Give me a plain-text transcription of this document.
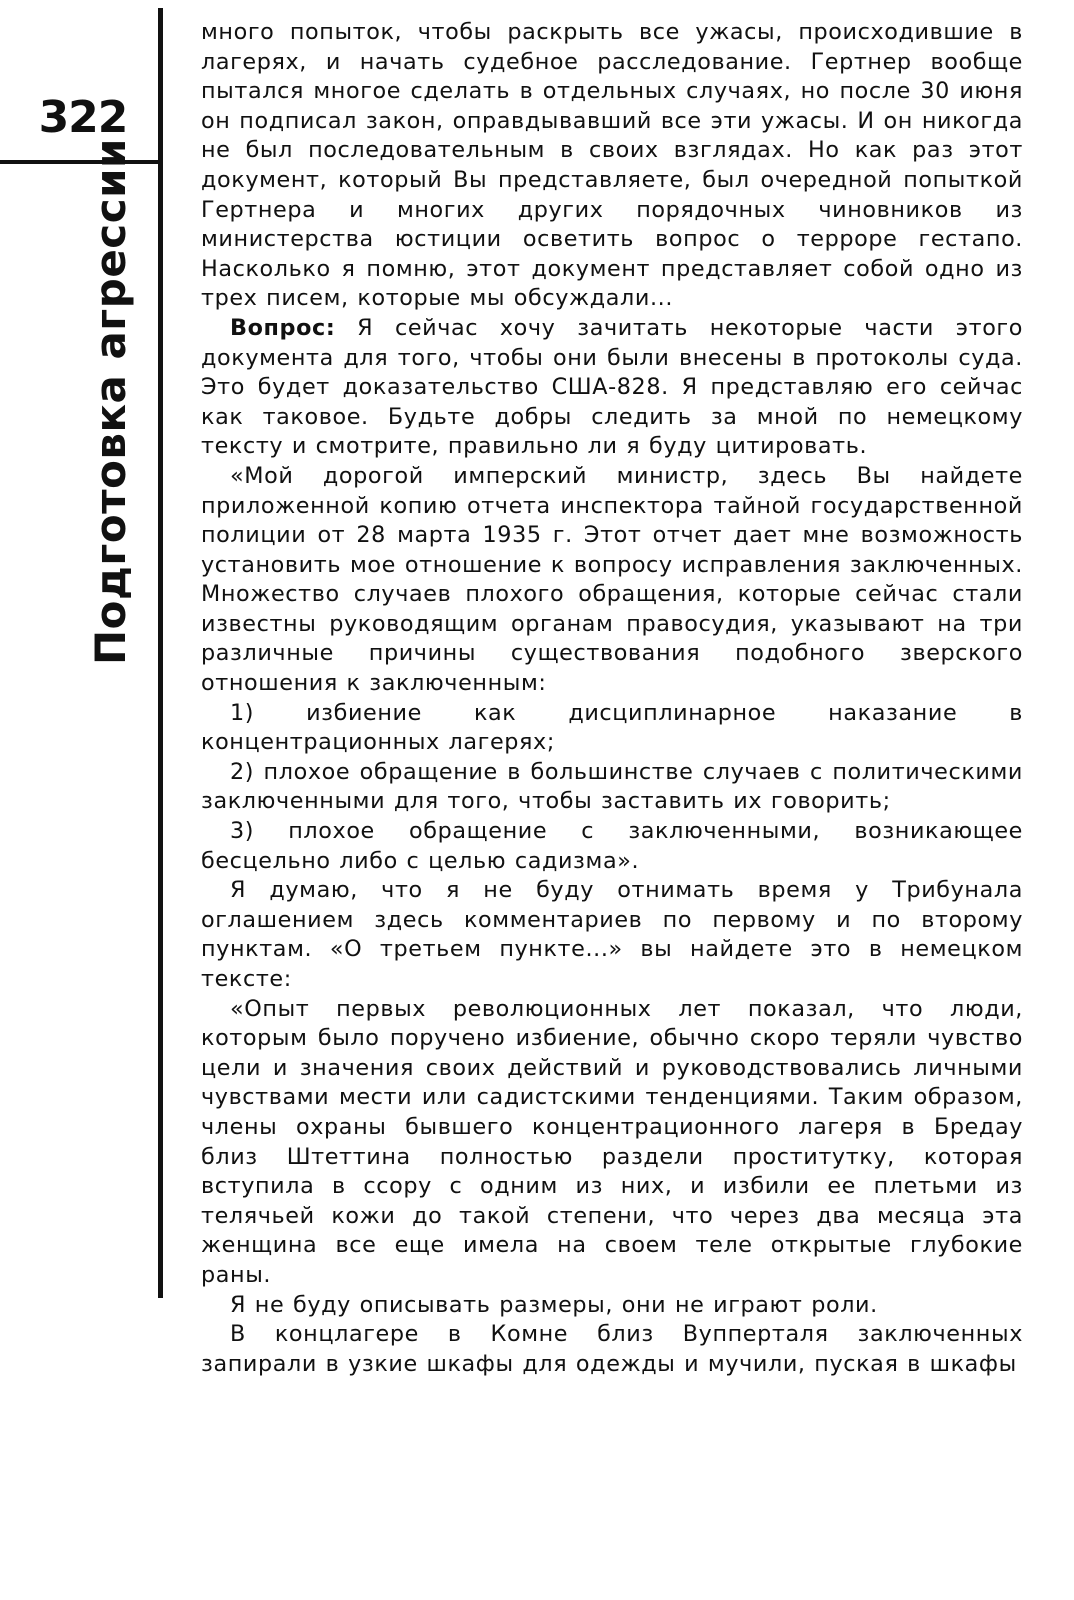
322
Подготовка агрессии

много попыток, чтобы раскрыть все ужасы, происходившие в лагерях, и начать судебное расследование. Гертнер вообще пытался многое сделать в отдельных случаях, но после 30 июня он подписал закон, оправдывавший все эти ужасы. И он никогда не был последовательным в своих взглядах. Но как раз этот документ, который Вы представляете, был очередной попыткой Гертнера и многих других порядочных чиновников из министерства юстиции осветить вопрос о терроре гестапо. Насколько я помню, этот документ представляет собой одно из трех писем, которые мы обсуждали...

Вопрос: Я сейчас хочу зачитать некоторые части этого документа для того, чтобы они были внесены в протоколы суда. Это будет доказательство США-828. Я представляю его сейчас как таковое. Будьте добры следить за мной по немецкому тексту и смотрите, правильно ли я буду цитировать.

«Мой дорогой имперский министр, здесь Вы найдете приложенной копию отчета инспектора тайной государственной полиции от 28 марта 1935 г. Этот отчет дает мне возможность установить мое отношение к вопросу исправления заключенных. Множество случаев плохого обращения, которые сейчас стали известны руководящим органам правосудия, указывают на три различные причины существования подобного зверского отношения к заключенным:

1) избиение как дисциплинарное наказание в концентрационных лагерях;

2) плохое обращение в большинстве случаев с политическими заключенными для того, чтобы заставить их говорить;

3) плохое обращение с заключенными, возникающее бесцельно либо с целью садизма».

Я думаю, что я не буду отнимать время у Трибунала оглашением здесь комментариев по первому и по второму пунктам. «О третьем пункте...» вы найдете это в немецком тексте:

«Опыт первых революционных лет показал, что люди, которым было поручено избиение, обычно скоро теряли чувство цели и значения своих действий и руководствовались личными чувствами мести или садистскими тенденциями. Таким образом, члены охраны бывшего концентрационного лагеря в Бредау близ Штеттина полностью раздели проститутку, которая вступила в ссору с одним из них, и избили ее плетьми из телячьей кожи до такой степени, что через два месяца эта женщина все еще имела на своем теле открытые глубокие раны.

Я не буду описывать размеры, они не играют роли.

В концлагере в Комне близ Вупперталя заключенных запирали в узкие шкафы для одежды и мучили, пуская в шкафы
